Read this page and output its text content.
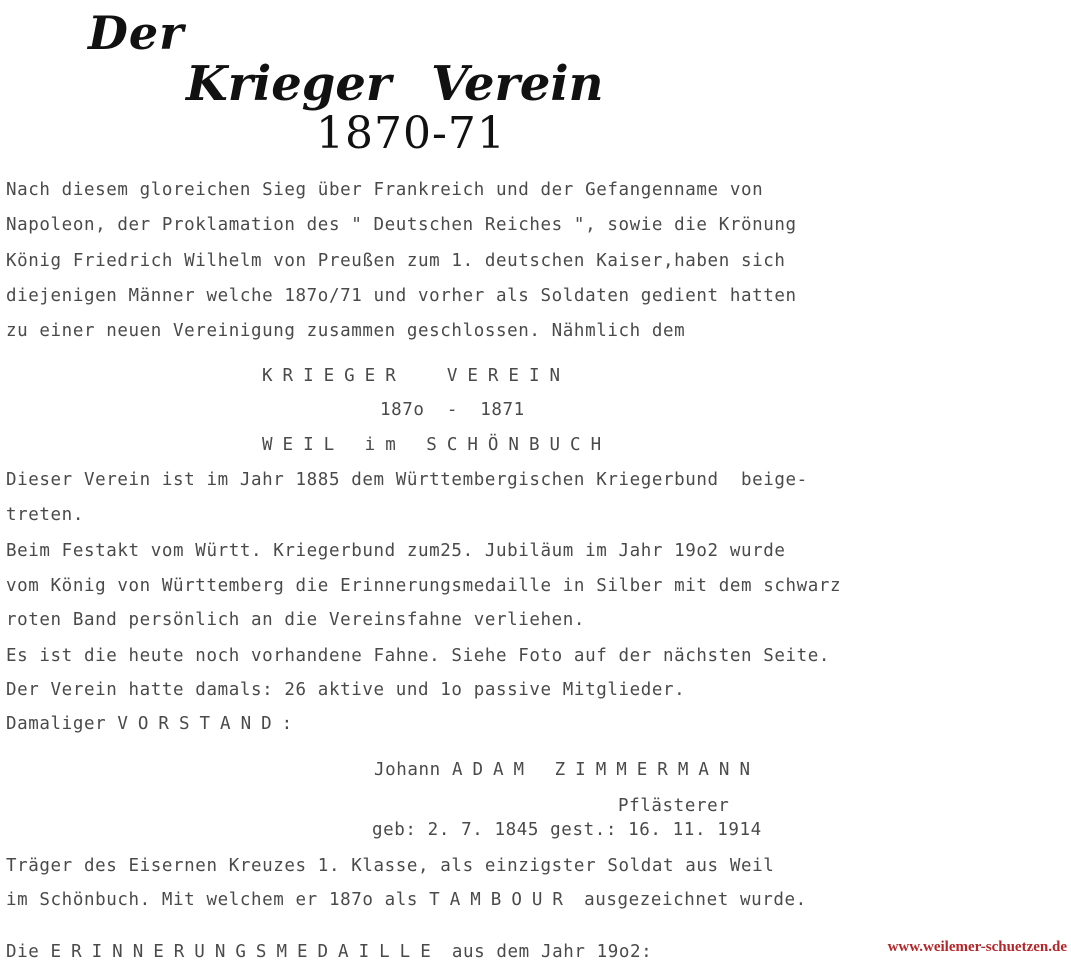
Der
Krieger Verein
1870-71
Nach diesem gloreichen Sieg über Frankreich und der Gefangenname von
Napoleon, der Proklamation des " Deutschen Reiches ", sowie die Krönung
König Friedrich Wilhelm von Preußen zum 1. deutschen Kaiser,haben sich
diejenigen Männer welche 187o/71 und vorher als Soldaten gedient hatten
zu einer neuen Vereinigung zusammen geschlossen. Nähmlich dem
KRIEGER  VEREIN
187o  -  1871
WEIL im SCHÖNBUCH
Dieser Verein ist im Jahr 1885 dem Württembergischen Kriegerbund  beige-
treten.
Beim Festakt vom Württ. Kriegerbund zum25. Jubiläum im Jahr 19o2 wurde
vom König von Württemberg die Erinnerungsmedaille in Silber mit dem schwarz
roten Band persönlich an die Vereinsfahne verliehen.
Es ist die heute noch vorhandene Fahne. Siehe Foto auf der nächsten Seite.
Der Verein hatte damals: 26 aktive und 1o passive Mitglieder.
Damaliger VORSTAND:
Johann ADAM ZIMMERMANN
Pflästerer
geb: 2. 7. 1845 gest.: 16. 11. 1914
Träger des Eisernen Kreuzes 1. Klasse, als einzigster Soldat aus Weil
im Schönbuch. Mit welchem er 187o als TAMBOUR ausgezeichnet wurde.
Die ERINNERUNGSMEDAILLE aus dem Jahr 19o2:	www.weilemer-schuetzen.de
